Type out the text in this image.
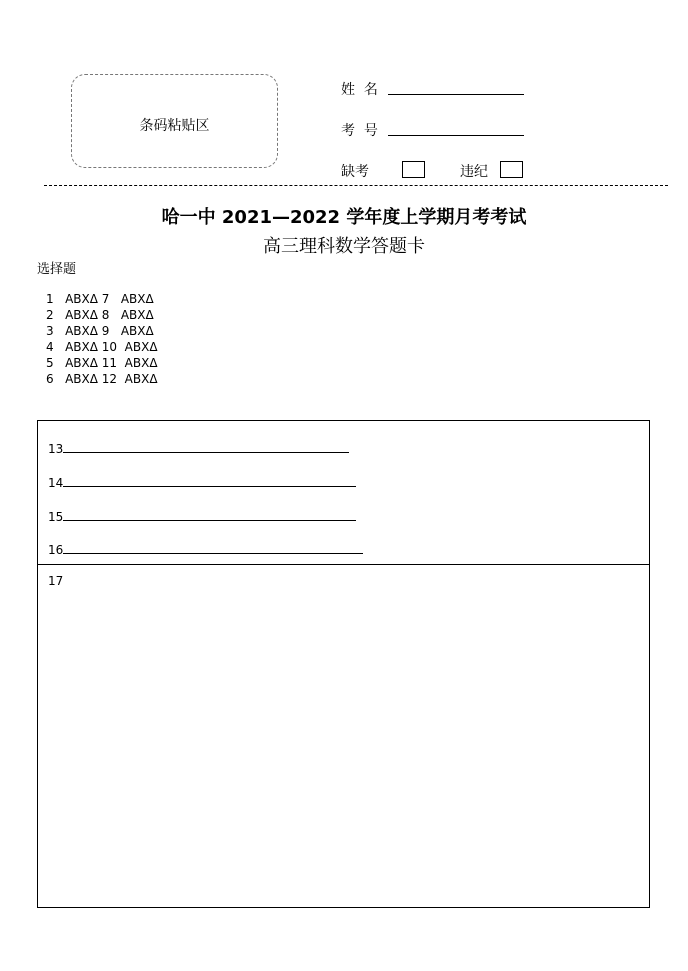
条码粘贴区
姓  名
考  号
缺考	违纪
哈一中 2021—2022 学年度上学期月考考试
高三理科数学答题卡
选择题
1   ABXΔ 7   ABXΔ
2   ABXΔ 8   ABXΔ
3   ABXΔ 9   ABXΔ
4   ABXΔ 10  ABXΔ
5   ABXΔ 11  ABXΔ
6   ABXΔ 12  ABXΔ
13
14
15
16
17
